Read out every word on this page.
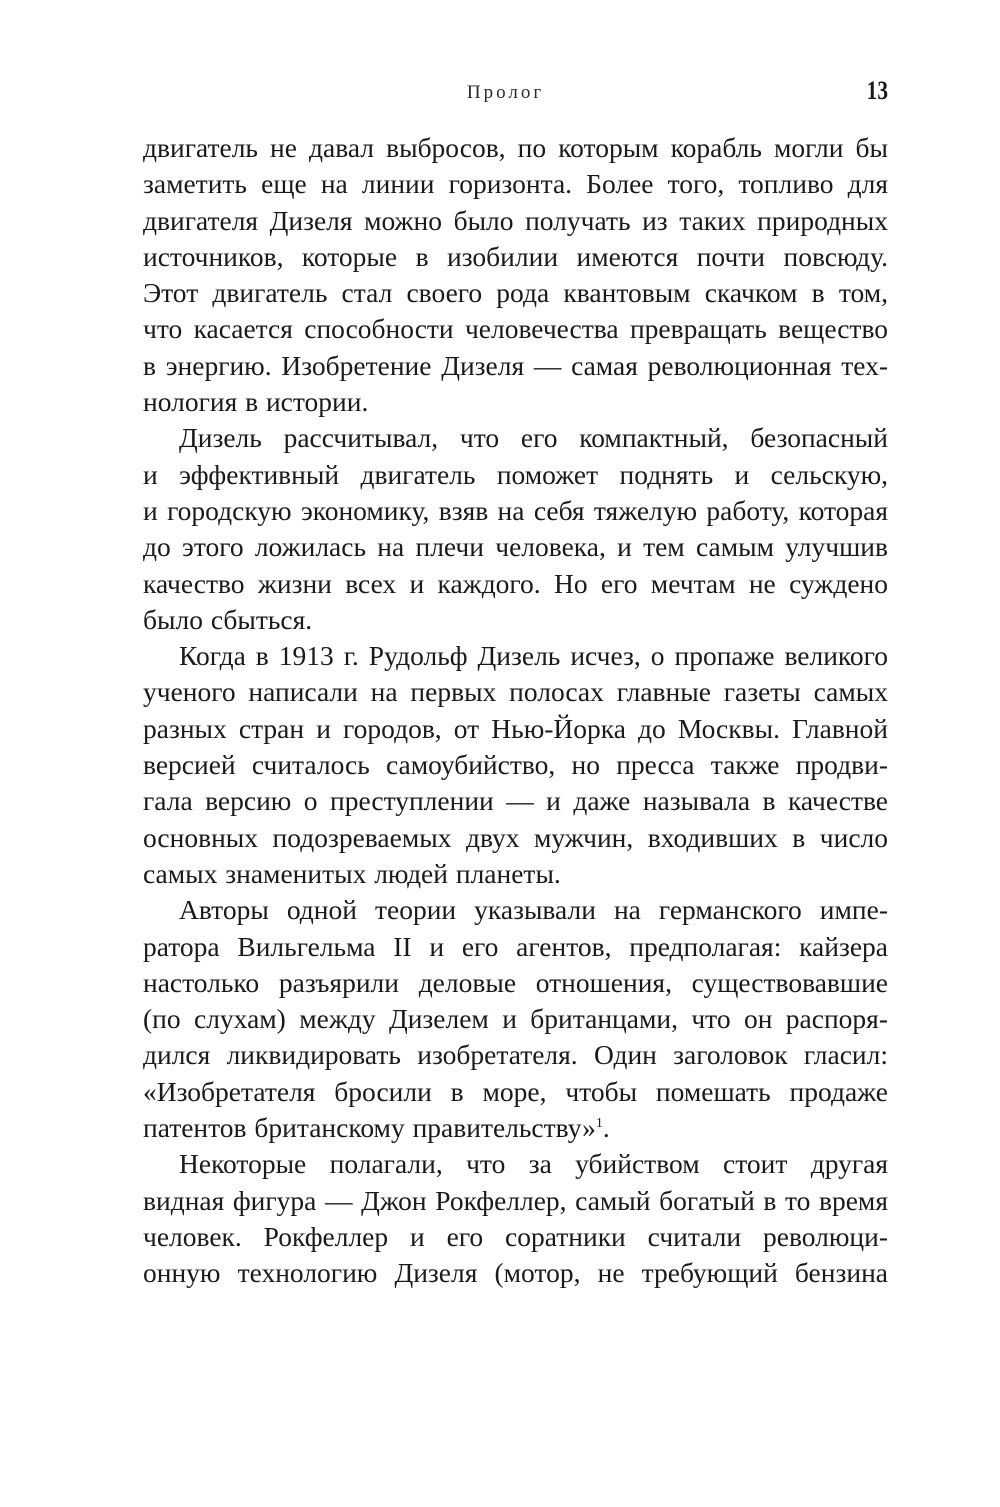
Пролог	13
двигатель не давал выбросов, по которым корабль могли бы
заметить еще на линии горизонта. Более того, топливо для
двигателя Дизеля можно было получать из таких природных
источников, которые в изобилии имеются почти повсюду.
Этот двигатель стал своего рода квантовым скачком в том,
что касается способности человечества превращать вещество
в энергию. Изобретение Дизеля — самая революционная тех-
нология в истории.
Дизель рассчитывал, что его компактный, безопасный
и эффективный двигатель поможет поднять и сельскую,
и городскую экономику, взяв на себя тяжелую работу, которая
до этого ложилась на плечи человека, и тем самым улучшив
качество жизни всех и каждого. Но его мечтам не суждено
было сбыться.
Когда в 1913 г. Рудольф Дизель исчез, о пропаже великого
ученого написали на первых полосах главные газеты самых
разных стран и городов, от Нью-Йорка до Москвы. Главной
версией считалось самоубийство, но пресса также продви-
гала версию о преступлении — и даже называла в качестве
основных подозреваемых двух мужчин, входивших в число
самых знаменитых людей планеты.
Авторы одной теории указывали на германского импе-
ратора Вильгельма II и его агентов, предполагая: кайзера
настолько разъярили деловые отношения, существовавшие
(по слухам) между Дизелем и британцами, что он распоря-
дился ликвидировать изобретателя. Один заголовок гласил:
«Изобретателя бросили в море, чтобы помешать продаже
патентов британскому правительству»$^1$.
Некоторые полагали, что за убийством стоит другая
видная фигура — Джон Рокфеллер, самый богатый в то время
человек. Рокфеллер и его соратники считали революци-
онную технологию Дизеля (мотор, не требующий бензина
